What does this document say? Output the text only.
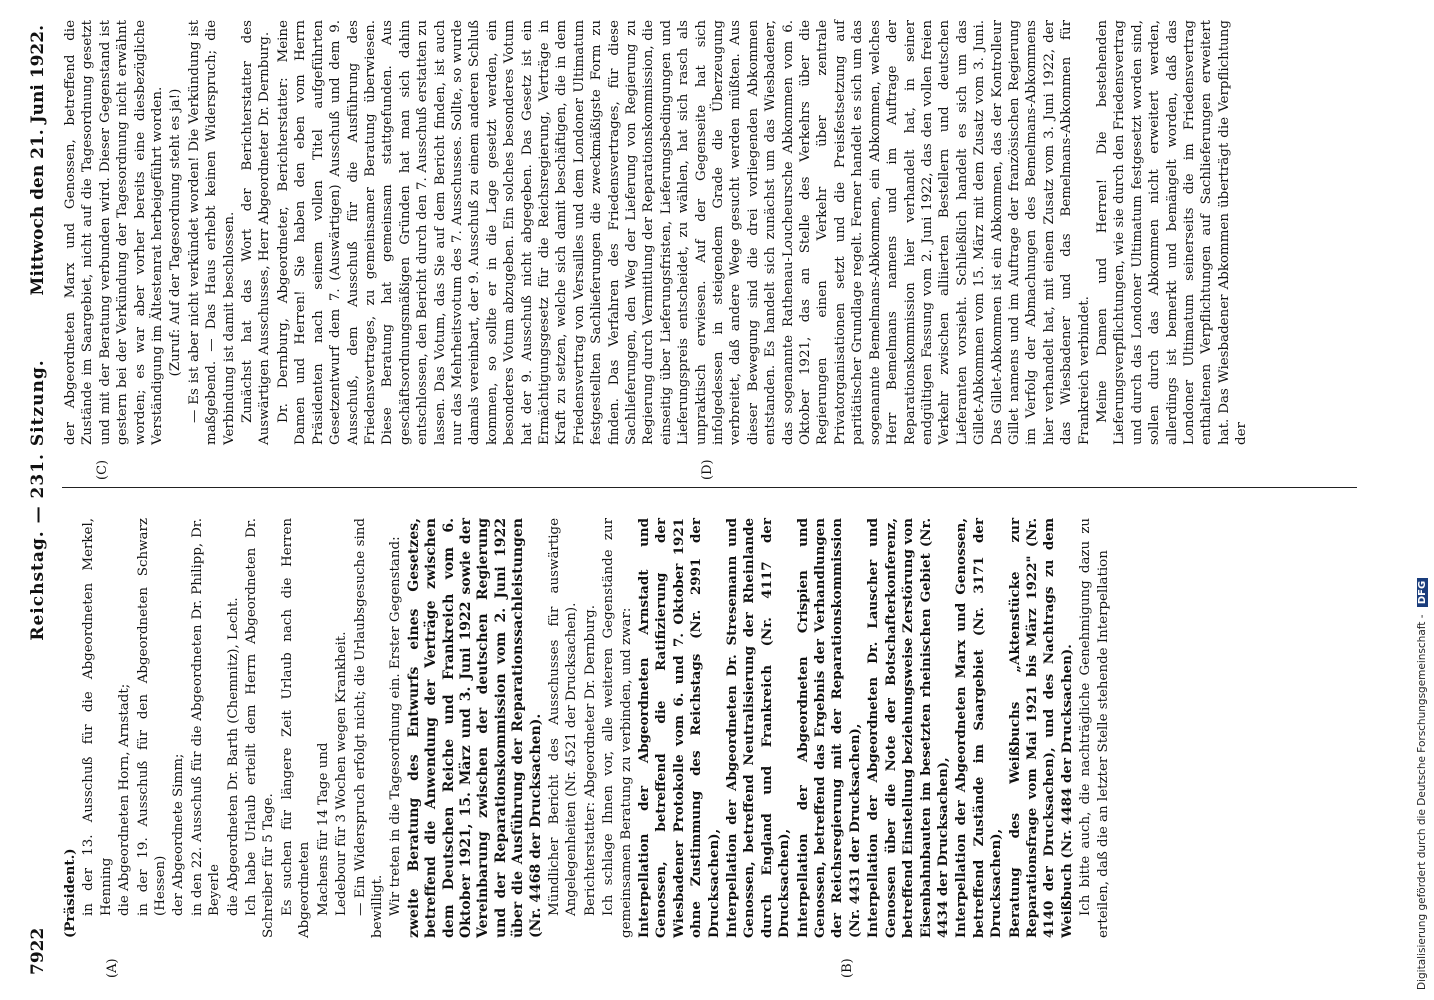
7922
Reichstag. — 231. Sitzung.
Mittwoch den 21. Juni 1922.
(A)	(B)
(C)	(D)

(Präsident.) in der 13. Ausschuß für die Abgeordneten Merkel, Henning die Abgeordneten Horn, Arnstadt; in der 19. Ausschuß für den Abgeordneten Schwarz (Hessen) der Abgeordnete Simm; in den 22. Ausschuß für die Abgeordneten Dr. Philipp, Dr. Beyerle die Abgeordneten Dr. Barth (Chemnitz), Lecht. Ich habe Urlaub erteilt dem Herrn Abgeordneten Dr. Schreiber für 5 Tage. Es suchen für längere Zeit Urlaub nach die Herren Abgeordneten Machens für 14 Tage und Ledebour für 3 Wochen wegen Krankheit. — Ein Widerspruch erfolgt nicht; die Urlaubsgesuche sind bewilligt. Wir treten in die Tagesordnung ein. Erster Gegenstand: zweite Beratung des Entwurfs eines Gesetzes, betreffend die Anwendung der Verträge zwischen dem Deutschen Reiche und Frankreich vom 6. Oktober 1921, 15. März und 3. Juni 1922 sowie der Vereinbarung zwischen der deutschen Regierung und der Reparationskommission vom 2. Juni 1922 über die Ausführung der Reparationssachleistungen (Nr. 4468 der Drucksachen). Mündlicher Bericht des Ausschusses für auswärtige Angelegenheiten (Nr. 4521 der Drucksachen). Berichterstatter: Abgeordneter Dr. Dernburg. Ich schlage Ihnen vor, alle weiteren Gegenstände zur gemeinsamen Beratung zu verbinden, und zwar: Interpellation der Abgeordneten Arnstadt und Genossen, betreffend die Ratifizierung der Wiesbadener Protokolle vom 6. und 7. Oktober 1921 ohne Zustimmung des Reichstags (Nr. 2991 der Drucksachen), Interpellation der Abgeordneten Dr. Stresemann und Genossen, betreffend Neutralisierung der Rheinlande durch England und Frankreich (Nr. 4117 der Drucksachen), Interpellation der Abgeordneten Crispien und Genossen, betreffend das Ergebnis der Verhandlungen der Reichsregierung mit der Reparationskommission (Nr. 4431 der Drucksachen), Interpellation der Abgeordneten Dr. Lauscher und Genossen über die Note der Botschafterkonferenz, betreffend Einstellung beziehungsweise Zerstörung von Eisenbahnbauten im besetzten rheinischen Gebiet (Nr. 4434 der Drucksachen), Interpellation der Abgeordneten Marx und Genossen, betreffend Zustände im Saargebiet (Nr. 3171 der Drucksachen), Beratung des Weißbuchs „Aktenstücke zur Reparationsfrage vom Mai 1921 bis März 1922" (Nr. 4140 der Drucksachen), und des Nachtrags zu dem Weißbuch (Nr. 4484 der Drucksachen). Ich bitte auch, die nachträgliche Genehmigung dazu zu erteilen, daß die an letzter Stelle stehende Interpellation

der Abgeordneten Marx und Genossen, betreffend die Zustände im Saargebiet, nicht auf die Tagesordnung gesetzt und mit der Beratung verbunden wird. Dieser Gegenstand ist gestern bei der Verkündung der Tagesordnung nicht erwähnt worden; es war aber vorher bereits eine diesbezügliche Verständigung im Ältestenrat herbeigeführt worden. (Zuruf: Auf der Tagesordnung steht es ja!) — Es ist aber nicht verkündet worden! Die Verkündung ist maßgebend. — Das Haus erhebt keinen Widerspruch; die Verbindung ist damit beschlossen. Zunächst hat das Wort der Berichterstatter des Auswärtigen Ausschusses, Herr Abgeordneter Dr. Dernburg. Dr. Dernburg, Abgeordneter, Berichterstatter: Meine Damen und Herren! Sie haben den eben vom Herrn Präsidenten nach seinem vollen Titel aufgeführten Gesetzentwurf dem 7. (Auswärtigen) Ausschuß und dem 9. Ausschuß, dem Ausschuß für die Ausführung des Friedensvertrages, zu gemeinsamer Beratung überwiesen. Diese Beratung hat gemeinsam stattgefunden. Aus geschäftsordnungsmäßigen Gründen hat man sich dahin entschlossen, den Bericht durch den 7. Ausschuß erstatten zu lassen. Das Votum, das Sie auf dem Bericht finden, ist auch nur das Mehrheitsvotum des 7. Ausschusses. Sollte, so wurde damals vereinbart, der 9. Ausschuß zu einem anderen Schluß kommen, so sollte er in die Lage gesetzt werden, ein besonderes Votum abzugeben. Ein solches besonderes Votum hat der 9. Ausschuß nicht abgegeben. Das Gesetz ist ein Ermächtigungsgesetz für die Reichsregierung, Verträge in Kraft zu setzen, welche sich damit beschäftigen, die in dem Friedensvertrag von Versailles und dem Londoner Ultimatum festgestellten Sachlieferungen die zweckmäßigste Form zu finden. Das Verfahren des Friedensvertrages, für diese Sachlieferungen, den Weg der Lieferung von Regierung zu Regierung durch Vermittlung der Reparationskommission, die einseitig über Lieferungsfristen, Lieferungsbedingungen und Lieferungspreis entscheidet, zu wählen, hat sich rasch als unpraktisch erwiesen. Auf der Gegenseite hat sich infolgedessen in steigendem Grade die Überzeugung verbreitet, daß andere Wege gesucht werden müßten. Aus dieser Bewegung sind die drei vorliegenden Abkommen entstanden. Es handelt sich zunächst um das Wiesbadener, das sogenannte Rathenau-Loucheursche Abkommen vom 6. Oktober 1921, das an Stelle des Verkehrs über die Regierungen einen Verkehr über zentrale Privatorganisationen setzt und die Preisfestsetzung auf paritätischer Grundlage regelt. Ferner handelt es sich um das sogenannte Bemelmans-Abkommen, ein Abkommen, welches Herr Bemelmans namens und im Auftrage der Reparationskommission hier verhandelt hat, in seiner endgültigen Fassung vom 2. Juni 1922, das den vollen freien Verkehr zwischen alliierten Bestellern und deutschen Lieferanten vorsieht. Schließlich handelt es sich um das Gillet-Abkommen vom 15. März mit dem Zusatz vom 3. Juni. Das Gillet-Abkommen ist ein Abkommen, das der Kontrolleur Gillet namens und im Auftrage der französischen Regierung im Verfolg der Abmachungen des Bemelmans-Abkommens hier verhandelt hat, mit einem Zusatz vom 3. Juni 1922, der das Wiesbadener und das Bemelmans-Abkommen für Frankreich verbindet. Meine Damen und Herren! Die bestehenden Lieferungsverpflichtungen, wie sie durch den Friedensvertrag und durch das Londoner Ultimatum festgesetzt worden sind, sollen durch das Abkommen nicht erweitert werden, allerdings ist bemerkt und bemängelt worden, daß das Londoner Ultimatum seinerseits die im Friedensvertrag enthaltenen Verpflichtungen auf Sachlieferungen erweitert hat. Das Wiesbadener Abkommen überträgt die Verpflichtung der

Digitalisierung gefördert durch die Deutsche Forschungsgemeinschaft - DFG
